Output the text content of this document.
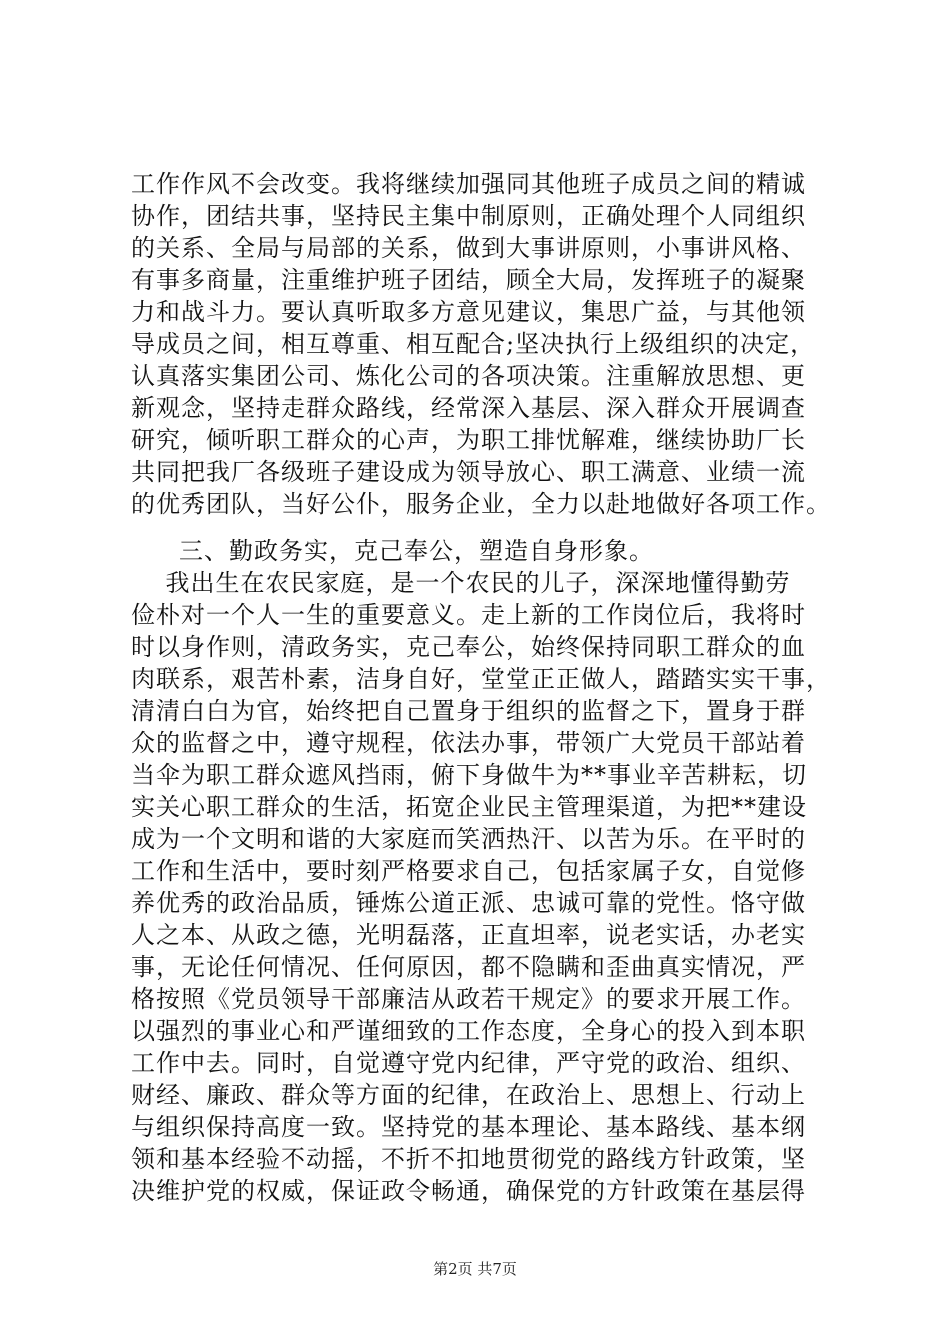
工作作风不会改变。我将继续加强同其他班子成员之间的精诚
协作，团结共事，坚持民主集中制原则，正确处理个人同组织
的关系、全局与局部的关系，做到大事讲原则，小事讲风格、
有事多商量，注重维护班子团结，顾全大局，发挥班子的凝聚
力和战斗力。要认真听取多方意见建议，集思广益，与其他领
导成员之间，相互尊重、相互配合;坚决执行上级组织的决定，
认真落实集团公司、炼化公司的各项决策。注重解放思想、更
新观念，坚持走群众路线，经常深入基层、深入群众开展调查
研究，倾听职工群众的心声，为职工排忧解难，继续协助厂长
共同把我厂各级班子建设成为领导放心、职工满意、业绩一流
的优秀团队，当好公仆，服务企业，全力以赴地做好各项工作。
三、勤政务实，克己奉公，塑造自身形象。
我出生在农民家庭，是一个农民的儿子，深深地懂得勤劳
俭朴对一个人一生的重要意义。走上新的工作岗位后，我将时
时以身作则，清政务实，克己奉公，始终保持同职工群众的血
肉联系，艰苦朴素，洁身自好，堂堂正正做人，踏踏实实干事，
清清白白为官，始终把自己置身于组织的监督之下，置身于群
众的监督之中，遵守规程，依法办事，带领广大党员干部站着
当伞为职工群众遮风挡雨，俯下身做牛为**事业辛苦耕耘，切
实关心职工群众的生活，拓宽企业民主管理渠道，为把**建设
成为一个文明和谐的大家庭而笑洒热汗、以苦为乐。在平时的
工作和生活中，要时刻严格要求自己，包括家属子女，自觉修
养优秀的政治品质，锤炼公道正派、忠诚可靠的党性。恪守做
人之本、从政之德，光明磊落，正直坦率，说老实话，办老实
事，无论任何情况、任何原因，都不隐瞒和歪曲真实情况，严
格按照《党员领导干部廉洁从政若干规定》的要求开展工作。
以强烈的事业心和严谨细致的工作态度，全身心的投入到本职
工作中去。同时，自觉遵守党内纪律，严守党的政治、组织、
财经、廉政、群众等方面的纪律，在政治上、思想上、行动上
与组织保持高度一致。坚持党的基本理论、基本路线、基本纲
领和基本经验不动摇，不折不扣地贯彻党的路线方针政策，坚
决维护党的权威，保证政令畅通，确保党的方针政策在基层得
第2页 共7页
